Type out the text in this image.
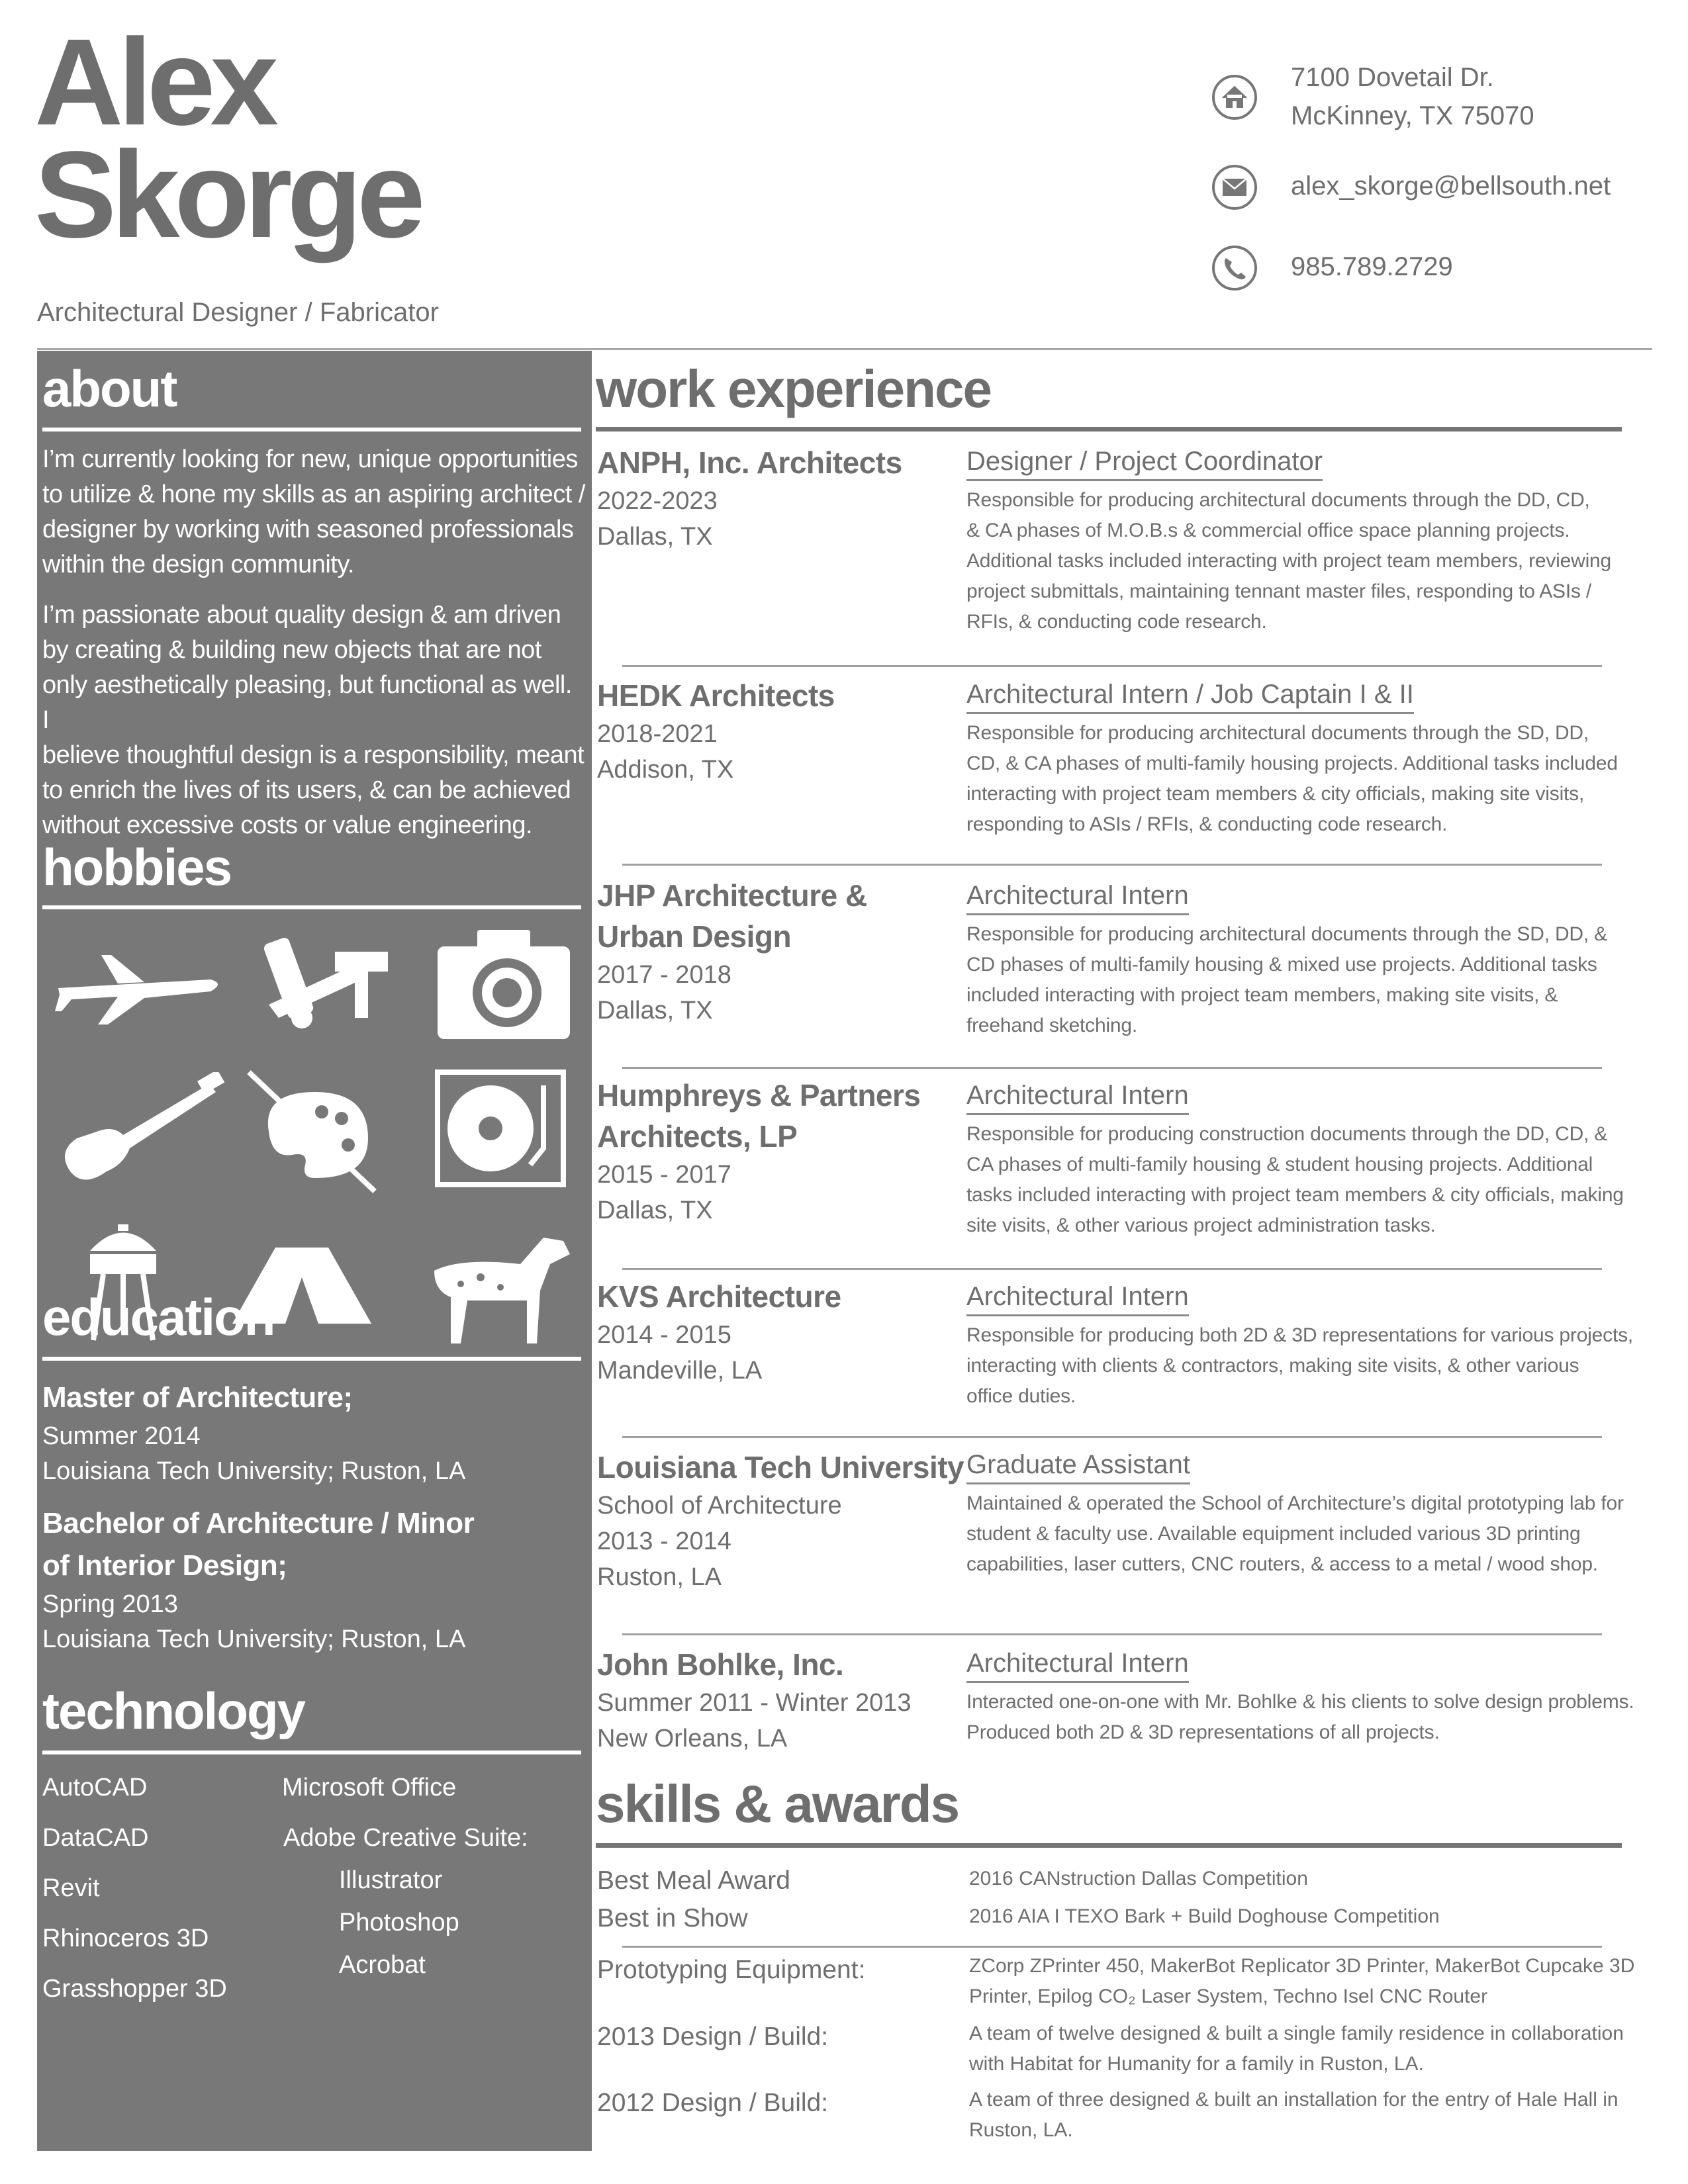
Alex
Skorge
Architectural Designer / Fabricator
7100 Dovetail Dr.
McKinney, TX 75070
alex_skorge@bellsouth.net
985.789.2729
about
I’m currently looking for new, unique opportunities
to utilize & hone my skills as an aspiring architect /
designer by working with seasoned professionals
within the design community.
I’m passionate about quality design & am driven
by creating & building new objects that are not
only aesthetically pleasing, but functional as well. I
believe thoughtful design is a responsibility, meant
to enrich the lives of its users, & can be achieved
without excessive costs or value engineering.
hobbies
education
Master of Architecture;
Summer 2014
Louisiana Tech University; Ruston, LA
Bachelor of Architecture / Minor
of Interior Design;
Spring 2013
Louisiana Tech University; Ruston, LA
technology
AutoCAD
DataCAD
Revit
Rhinoceros 3D
Grasshopper 3D
Microsoft Office
Adobe Creative Suite:
Illustrator
Photoshop
Acrobat
work experience
ANPH, Inc. Architects
2022-2023
Dallas, TX
Designer / Project Coordinator
Responsible for producing architectural documents through the DD, CD,
& CA phases of M.O.B.s & commercial office space planning projects.
Additional tasks included interacting with project team members, reviewing
project submittals, maintaining tennant master files, responding to ASIs /
RFIs, & conducting code research.
HEDK Architects
2018-2021
Addison, TX
Architectural Intern / Job Captain I & II
Responsible for producing architectural documents through the SD, DD,
CD, & CA phases of multi-family housing projects. Additional tasks included
interacting with project team members & city officials, making site visits,
responding to ASIs / RFIs, & conducting code research.
JHP Architecture &
Urban Design
2017 - 2018
Dallas, TX
Architectural Intern
Responsible for producing architectural documents through the SD, DD, &
CD phases of multi-family housing & mixed use projects. Additional tasks
included interacting with project team members, making site visits, &
freehand sketching.
Humphreys & Partners
Architects, LP
2015 - 2017
Dallas, TX
Architectural Intern
Responsible for producing construction documents through the DD, CD, &
CA phases of multi-family housing & student housing projects. Additional
tasks included interacting with project team members & city officials, making
site visits, & other various project administration tasks.
KVS Architecture
2014 - 2015
Mandeville, LA
Architectural Intern
Responsible for producing both 2D & 3D representations for various projects,
interacting with clients & contractors, making site visits, & other various
office duties.
Louisiana Tech University
School of Architecture
2013 - 2014
Ruston, LA
Graduate Assistant
Maintained & operated the School of Architecture’s digital prototyping lab for
student & faculty use. Available equipment included various 3D printing
capabilities, laser cutters, CNC routers, & access to a metal / wood shop.
John Bohlke, Inc.
Summer 2011 - Winter 2013
New Orleans, LA
Architectural Intern
Interacted one-on-one with Mr. Bohlke & his clients to solve design problems.
Produced both 2D & 3D representations of all projects.
skills & awards
Best Meal Award	2016 CANstruction Dallas Competition
Best in Show	2016 AIA I TEXO Bark + Build Doghouse Competition
Prototyping Equipment:	ZCorp ZPrinter 450, MakerBot Replicator 3D Printer, MakerBot Cupcake 3D
Printer, Epilog CO₂ Laser System, Techno Isel CNC Router
2013 Design / Build:	A team of twelve designed & built a single family residence in collaboration
with Habitat for Humanity for a family in Ruston, LA.
2012 Design / Build:	A team of three designed & built an installation for the entry of Hale Hall in
Ruston, LA.
